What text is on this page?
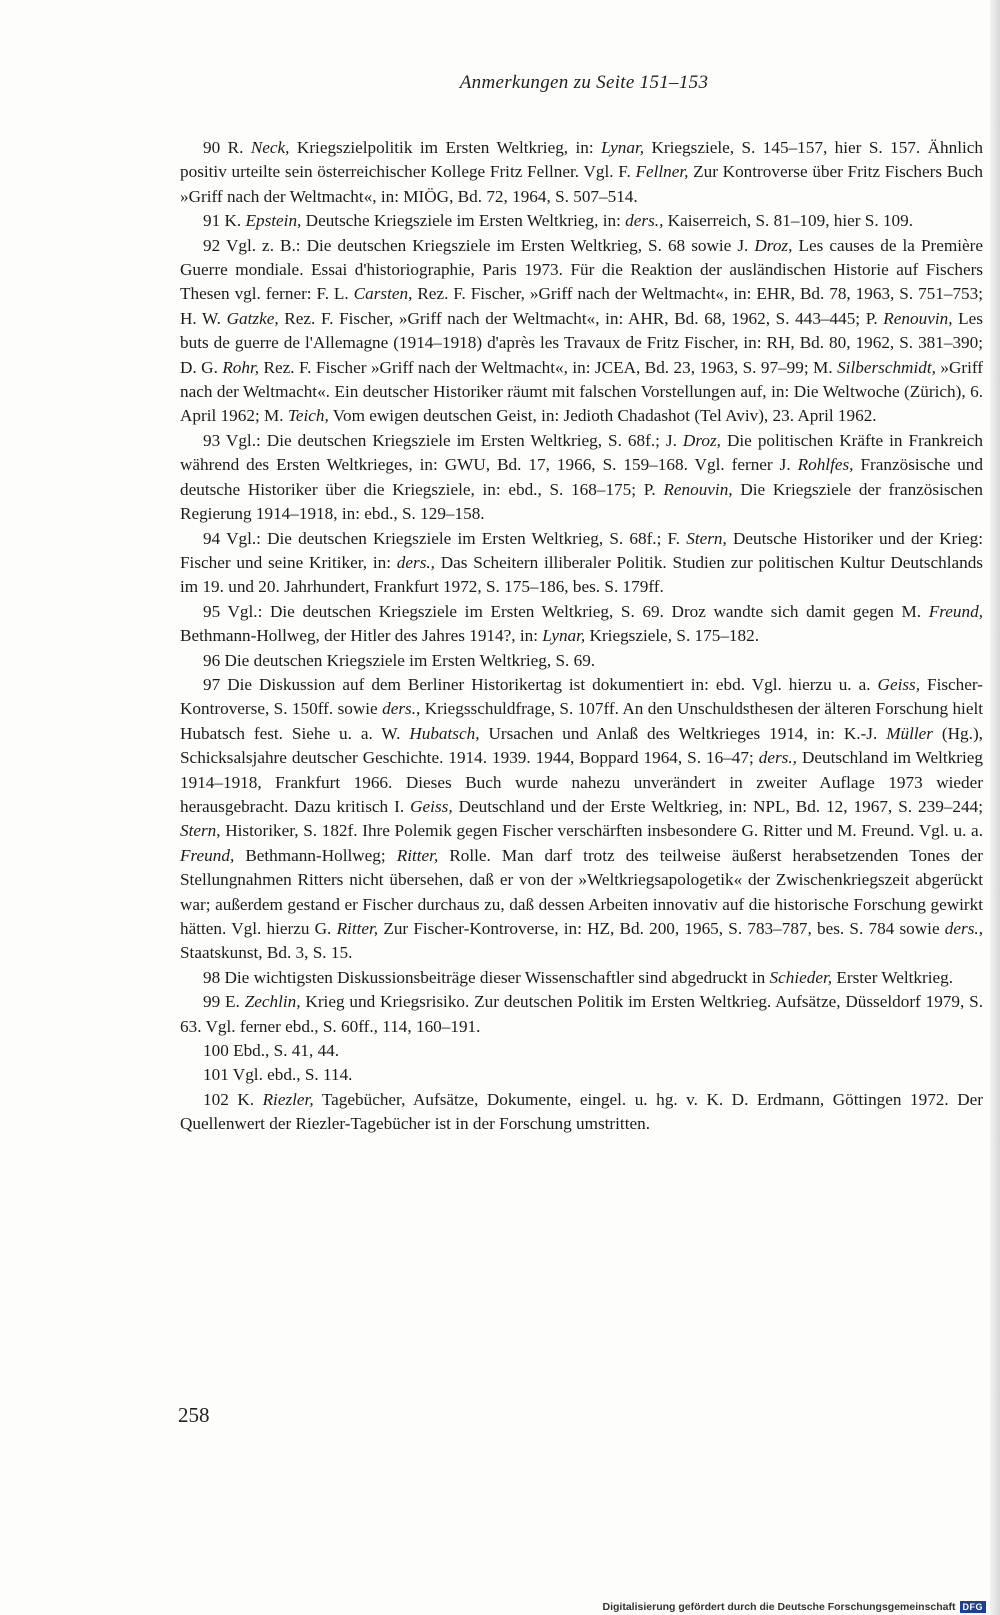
Anmerkungen zu Seite 151–153

90 R. Neck, Kriegszielpolitik im Ersten Weltkrieg, in: Lynar, Kriegsziele, S. 145–157, hier S. 157. Ähnlich positiv urteilte sein österreichischer Kollege Fritz Fellner. Vgl. F. Fellner, Zur Kontroverse über Fritz Fischers Buch »Griff nach der Weltmacht«, in: MIÖG, Bd. 72, 1964, S. 507–514.

91 K. Epstein, Deutsche Kriegsziele im Ersten Weltkrieg, in: ders., Kaiserreich, S. 81–109, hier S. 109.

92 Vgl. z. B.: Die deutschen Kriegsziele im Ersten Weltkrieg, S. 68 sowie J. Droz, Les causes de la Première Guerre mondiale. Essai d'historiographie, Paris 1973. Für die Reaktion der ausländischen Historie auf Fischers Thesen vgl. ferner: F. L. Carsten, Rez. F. Fischer, »Griff nach der Weltmacht«, in: EHR, Bd. 78, 1963, S. 751–753; H. W. Gatzke, Rez. F. Fischer, »Griff nach der Weltmacht«, in: AHR, Bd. 68, 1962, S. 443–445; P. Renouvin, Les buts de guerre de l'Allemagne (1914–1918) d'après les Travaux de Fritz Fischer, in: RH, Bd. 80, 1962, S. 381–390; D. G. Rohr, Rez. F. Fischer »Griff nach der Weltmacht«, in: JCEA, Bd. 23, 1963, S. 97–99; M. Silberschmidt, »Griff nach der Weltmacht«. Ein deutscher Historiker räumt mit falschen Vorstellungen auf, in: Die Weltwoche (Zürich), 6. April 1962; M. Teich, Vom ewigen deutschen Geist, in: Jedioth Chadashot (Tel Aviv), 23. April 1962.

93 Vgl.: Die deutschen Kriegsziele im Ersten Weltkrieg, S. 68f.; J. Droz, Die politischen Kräfte in Frankreich während des Ersten Weltkrieges, in: GWU, Bd. 17, 1966, S. 159–168. Vgl. ferner J. Rohlfes, Französische und deutsche Historiker über die Kriegsziele, in: ebd., S. 168–175; P. Renouvin, Die Kriegsziele der französischen Regierung 1914–1918, in: ebd., S. 129–158.

94 Vgl.: Die deutschen Kriegsziele im Ersten Weltkrieg, S. 68f.; F. Stern, Deutsche Historiker und der Krieg: Fischer und seine Kritiker, in: ders., Das Scheitern illiberaler Politik. Studien zur politischen Kultur Deutschlands im 19. und 20. Jahrhundert, Frankfurt 1972, S. 175–186, bes. S. 179ff.

95 Vgl.: Die deutschen Kriegsziele im Ersten Weltkrieg, S. 69. Droz wandte sich damit gegen M. Freund, Bethmann-Hollweg, der Hitler des Jahres 1914?, in: Lynar, Kriegsziele, S. 175–182.

96 Die deutschen Kriegsziele im Ersten Weltkrieg, S. 69.

97 Die Diskussion auf dem Berliner Historikertag ist dokumentiert in: ebd. Vgl. hierzu u. a. Geiss, Fischer-Kontroverse, S. 150ff. sowie ders., Kriegsschuldfrage, S. 107ff. An den Unschuldsthesen der älteren Forschung hielt Hubatsch fest. Siehe u. a. W. Hubatsch, Ursachen und Anlaß des Weltkrieges 1914, in: K.-J. Müller (Hg.), Schicksalsjahre deutscher Geschichte. 1914. 1939. 1944, Boppard 1964, S. 16–47; ders., Deutschland im Weltkrieg 1914–1918, Frankfurt 1966. Dieses Buch wurde nahezu unverändert in zweiter Auflage 1973 wieder herausgebracht. Dazu kritisch I. Geiss, Deutschland und der Erste Weltkrieg, in: NPL, Bd. 12, 1967, S. 239–244; Stern, Historiker, S. 182f. Ihre Polemik gegen Fischer verschärften insbesondere G. Ritter und M. Freund. Vgl. u. a. Freund, Bethmann-Hollweg; Ritter, Rolle. Man darf trotz des teilweise äußerst herabsetzenden Tones der Stellungnahmen Ritters nicht übersehen, daß er von der »Weltkriegsapologetik« der Zwischenkriegszeit abgerückt war; außerdem gestand er Fischer durchaus zu, daß dessen Arbeiten innovativ auf die historische Forschung gewirkt hätten. Vgl. hierzu G. Ritter, Zur Fischer-Kontroverse, in: HZ, Bd. 200, 1965, S. 783–787, bes. S. 784 sowie ders., Staatskunst, Bd. 3, S. 15.

98 Die wichtigsten Diskussionsbeiträge dieser Wissenschaftler sind abgedruckt in Schieder, Erster Weltkrieg.

99 E. Zechlin, Krieg und Kriegsrisiko. Zur deutschen Politik im Ersten Weltkrieg. Aufsätze, Düsseldorf 1979, S. 63. Vgl. ferner ebd., S. 60ff., 114, 160–191.

100 Ebd., S. 41, 44.

101 Vgl. ebd., S. 114.

102 K. Riezler, Tagebücher, Aufsätze, Dokumente, eingel. u. hg. v. K. D. Erdmann, Göttingen 1972. Der Quellenwert der Riezler-Tagebücher ist in der Forschung umstritten.

258
Digitalisierung gefördert durch die Deutsche Forschungsgemeinschaft DFG
